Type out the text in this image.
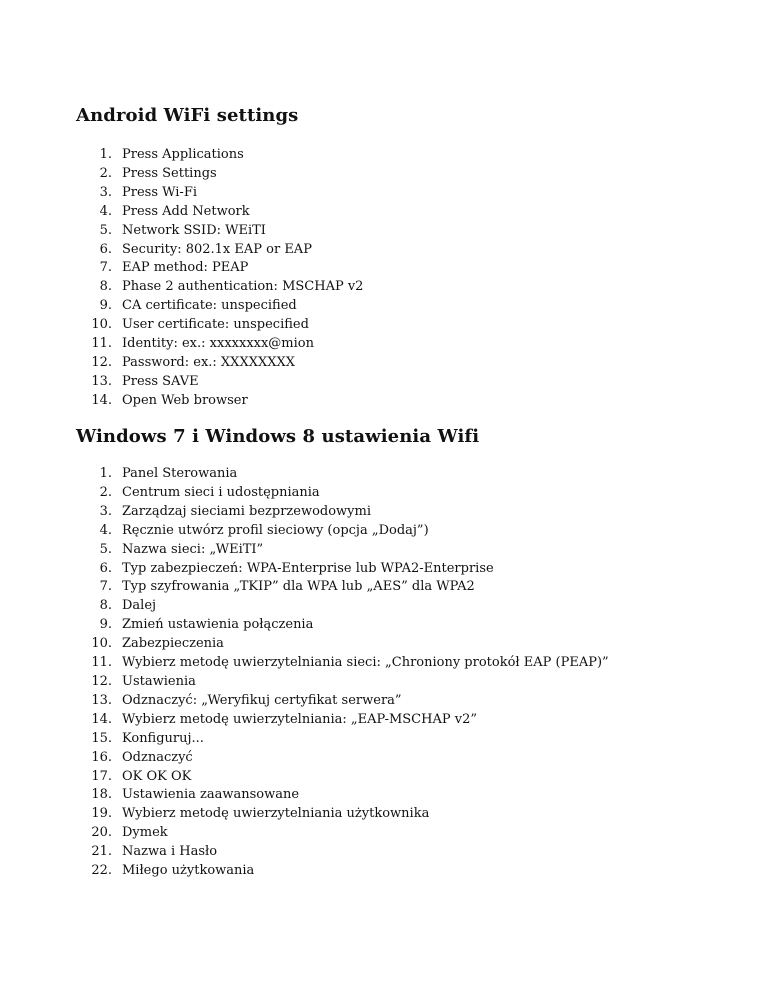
Android WiFi settings
1. Press Applications
2. Press Settings
3. Press Wi-Fi
4. Press Add Network
5. Network SSID: WEiTI
6. Security: 802.1x EAP or EAP
7. EAP method: PEAP
8. Phase 2 authentication: MSCHAP v2
9. CA certificate: unspecified
10. User certificate: unspecified
11. Identity: ex.: xxxxxxxx@mion
12. Password: ex.: XXXXXXXX
13. Press SAVE
14. Open Web browser
Windows 7 i Windows 8 ustawienia Wifi
1. Panel Sterowania
2. Centrum sieci i udostępniania
3. Zarządzaj sieciami bezprzewodowymi
4. Ręcznie utwórz profil sieciowy (opcja „Dodaj”)
5. Nazwa sieci: „WEiTI”
6. Typ zabezpieczeń: WPA-Enterprise lub WPA2-Enterprise
7. Typ szyfrowania „TKIP” dla WPA lub „AES” dla WPA2
8. Dalej
9. Zmień ustawienia połączenia
10. Zabezpieczenia
11. Wybierz metodę uwierzytelniania sieci: „Chroniony protokół EAP (PEAP)”
12. Ustawienia
13. Odznaczyć: „Weryfikuj certyfikat serwera”
14. Wybierz metodę uwierzytelniania: „EAP-MSCHAP v2”
15. Konfiguruj...
16. Odznaczyć
17. OK OK OK
18. Ustawienia zaawansowane
19. Wybierz metodę uwierzytelniania użytkownika
20. Dymek
21. Nazwa i Hasło
22. Miłego użytkowania
